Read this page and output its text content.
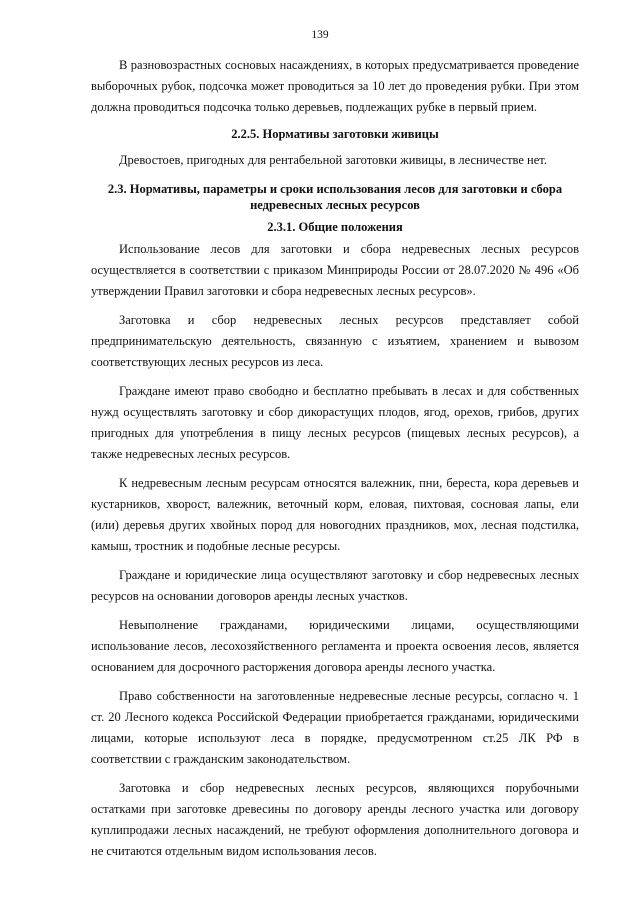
139

В разновозрастных сосновых насаждениях, в которых предусматривается проведение выборочных рубок, подсочка может проводиться за 10 лет до проведения рубки. При этом должна проводиться подсочка только деревьев, подлежащих рубке в первый прием.

2.2.5. Нормативы заготовки живицы

Древостоев, пригодных для рентабельной заготовки живицы, в лесничестве нет.

2.3. Нормативы, параметры и сроки использования лесов для заготовки и сбора недревесных лесных ресурсов
2.3.1. Общие положения

Использование лесов для заготовки и сбора недревесных лесных ресурсов осуществляется в соответствии с приказом Минприроды России от 28.07.2020 № 496 «Об утверждении Правил заготовки и сбора недревесных лесных ресурсов».

Заготовка и сбор недревесных лесных ресурсов представляет собой предпринимательскую деятельность, связанную с изъятием, хранением и вывозом соответствующих лесных ресурсов из леса.

Граждане имеют право свободно и бесплатно пребывать в лесах и для собственных нужд осуществлять заготовку и сбор дикорастущих плодов, ягод, орехов, грибов, других пригодных для употребления в пищу лесных ресурсов (пищевых лесных ресурсов), а также недревесных лесных ресурсов.

К недревесным лесным ресурсам относятся валежник, пни, береста, кора деревьев и кустарников, хворост, валежник, веточный корм, еловая, пихтовая, сосновая лапы, ели (или) деревья других хвойных пород для новогодних праздников, мох, лесная подстилка, камыш, тростник и подобные лесные ресурсы.

Граждане и юридические лица осуществляют заготовку и сбор недревесных лесных ресурсов на основании договоров аренды лесных участков.

Невыполнение гражданами, юридическими лицами, осуществляющими использование лесов, лесохозяйственного регламента и проекта освоения лесов, является основанием для досрочного расторжения договора аренды лесного участка.

Право собственности на заготовленные недревесные лесные ресурсы, согласно ч. 1 ст. 20 Лесного кодекса Российской Федерации приобретается гражданами, юридическими лицами, которые используют леса в порядке, предусмотренном ст.25 ЛК РФ в соответствии с гражданским законодательством.

Заготовка и сбор недревесных лесных ресурсов, являющихся порубочными остатками при заготовке древесины по договору аренды лесного участка или договору куплипродажи лесных насаждений, не требуют оформления дополнительного договора и не считаются отдельным видом использования лесов.
